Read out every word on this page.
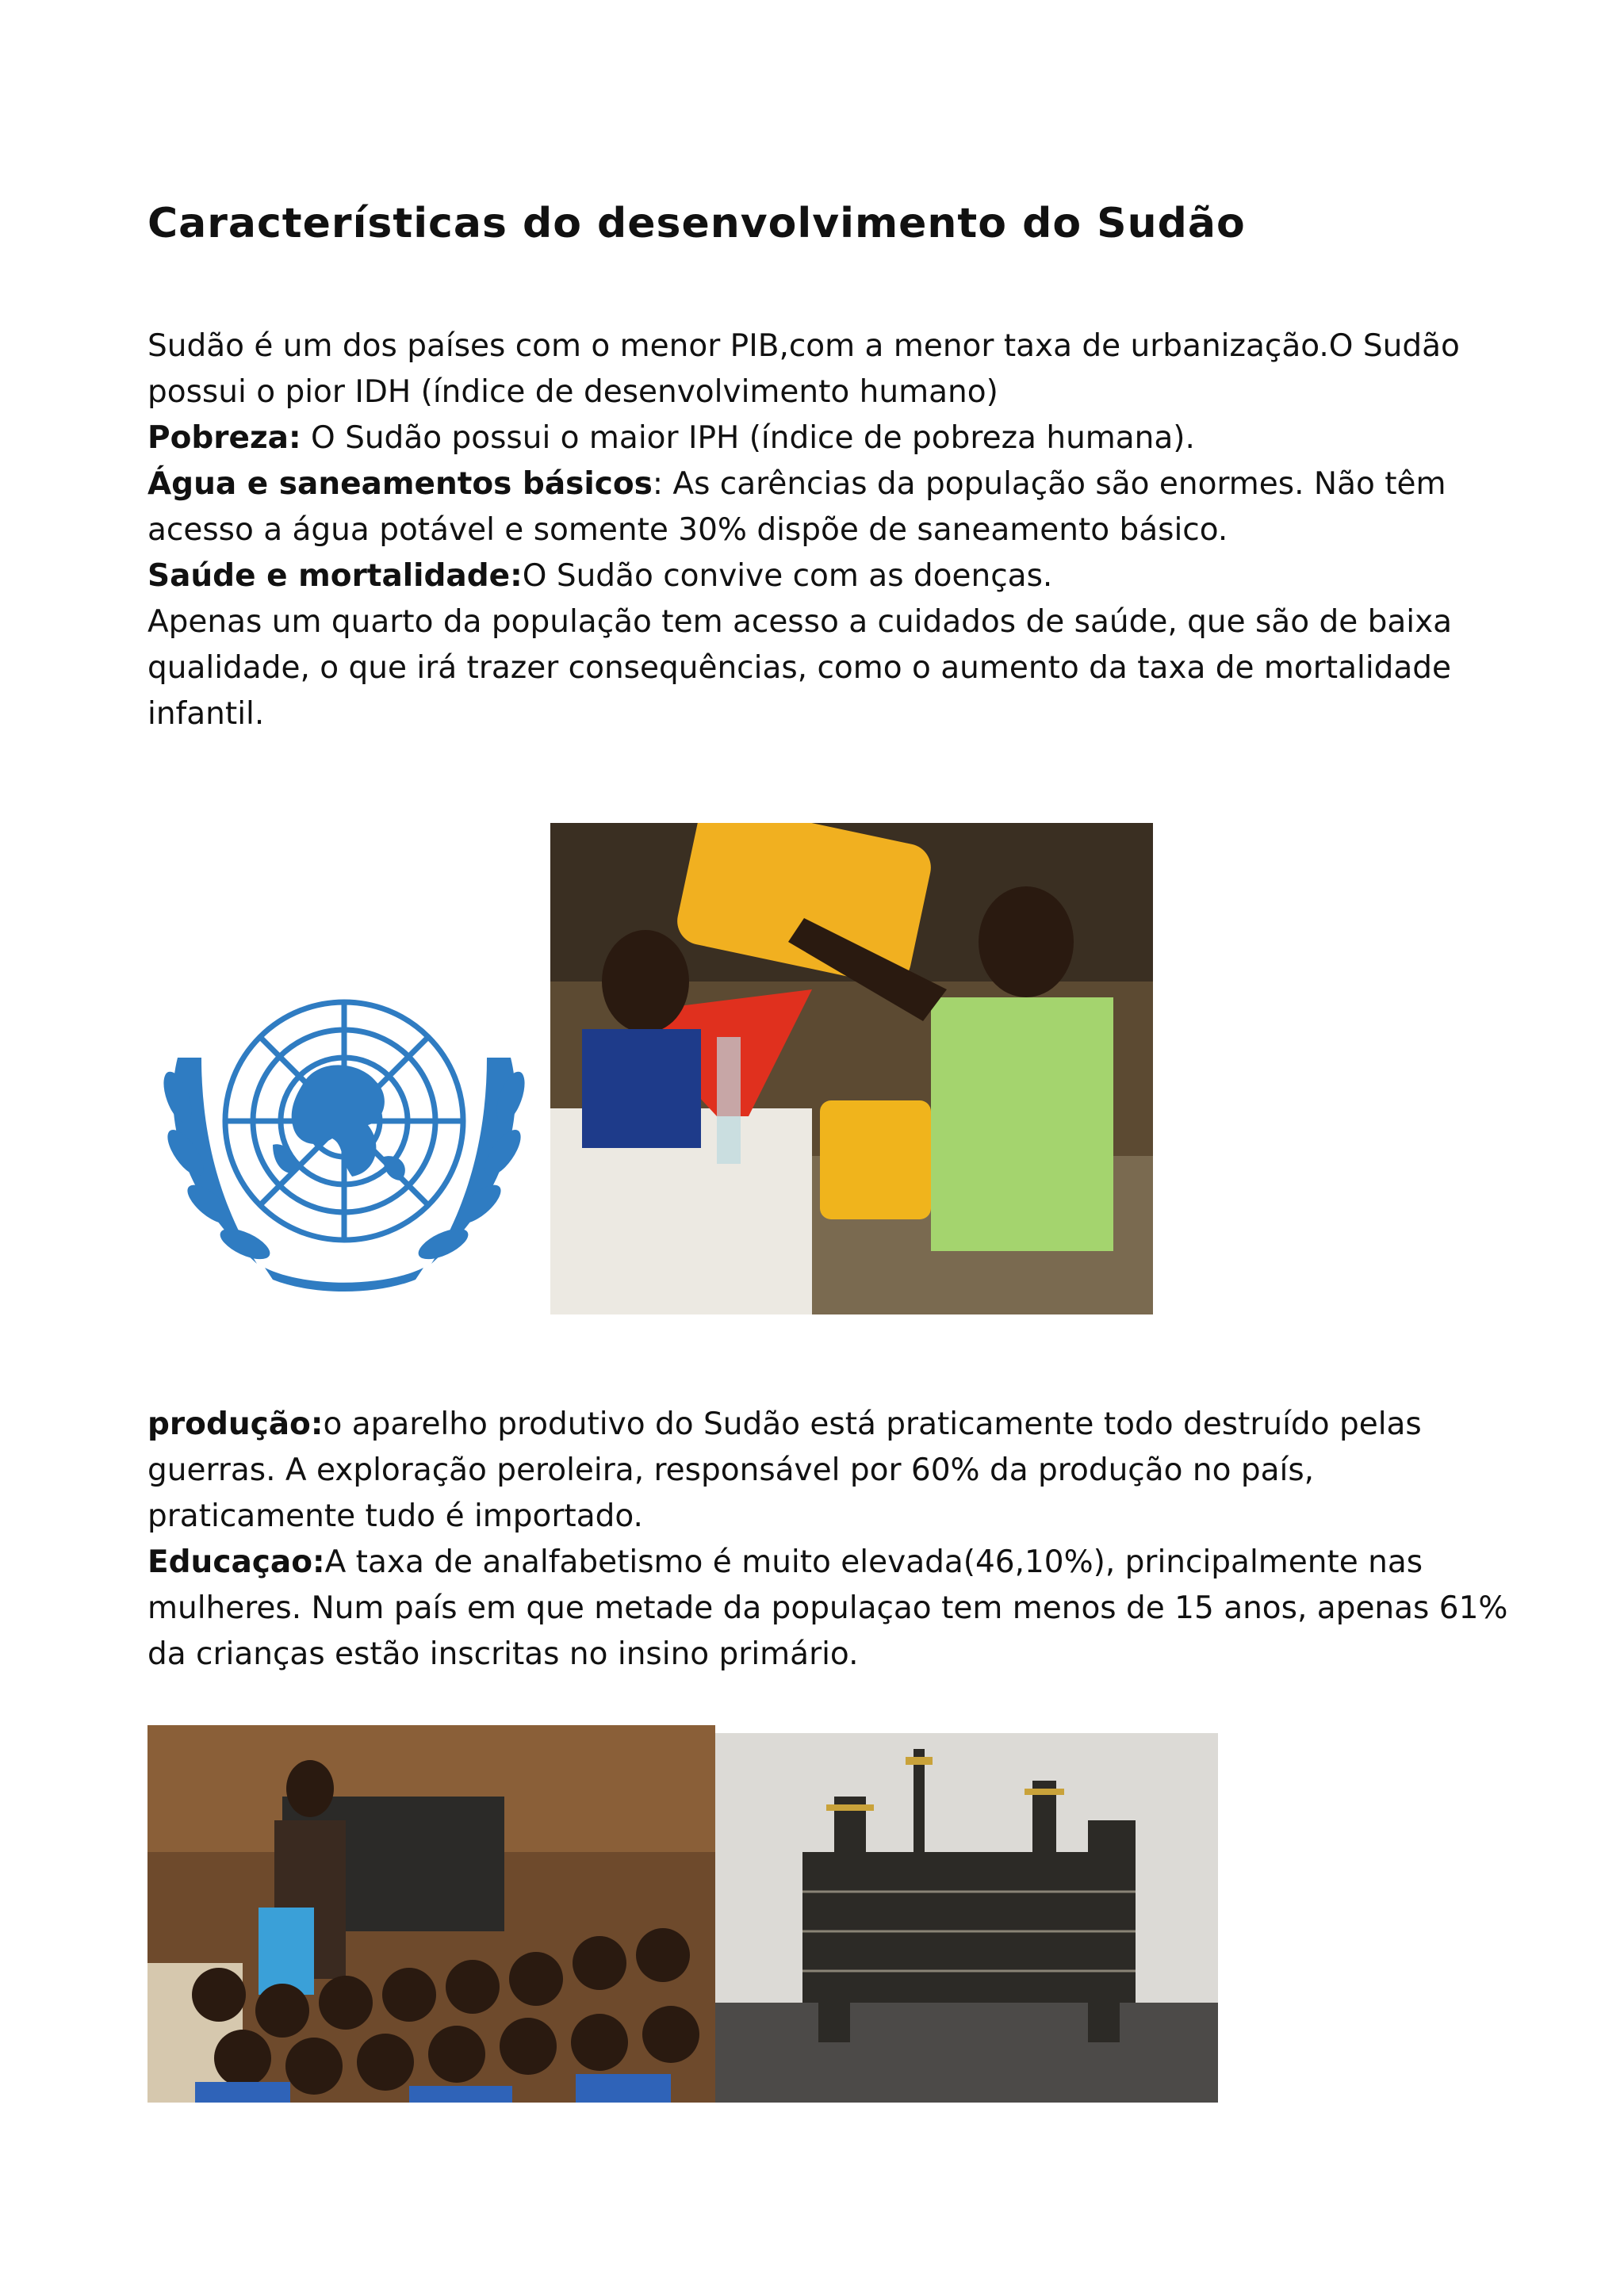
Características do desenvolvimento do Sudão

Sudão é um dos países com o menor PIB,com a menor taxa de urbanização.O Sudão possui o pior IDH (índice de desenvolvimento humano)

Pobreza: O Sudão possui o maior IPH (índice de pobreza humana).

Água e saneamentos básicos: As carências da população são enormes. Não têm acesso a água potável e somente 30% dispõe de saneamento básico.

Saúde e mortalidade:O Sudão convive com as doenças.

Apenas um quarto da população tem acesso a cuidados de saúde, que são de baixa qualidade, o que irá trazer consequências, como o aumento da taxa de mortalidade infantil.

produção:o aparelho produtivo do Sudão está praticamente todo destruído pelas guerras. A exploração peroleira, responsável por 60% da produção no país, praticamente tudo é importado.

Educaçao:A taxa de analfabetismo é muito elevada(46,10%), principalmente nas mulheres. Num país em que metade da populaçao tem menos de 15 anos, apenas 61% da crianças estão inscritas no insino primário.
